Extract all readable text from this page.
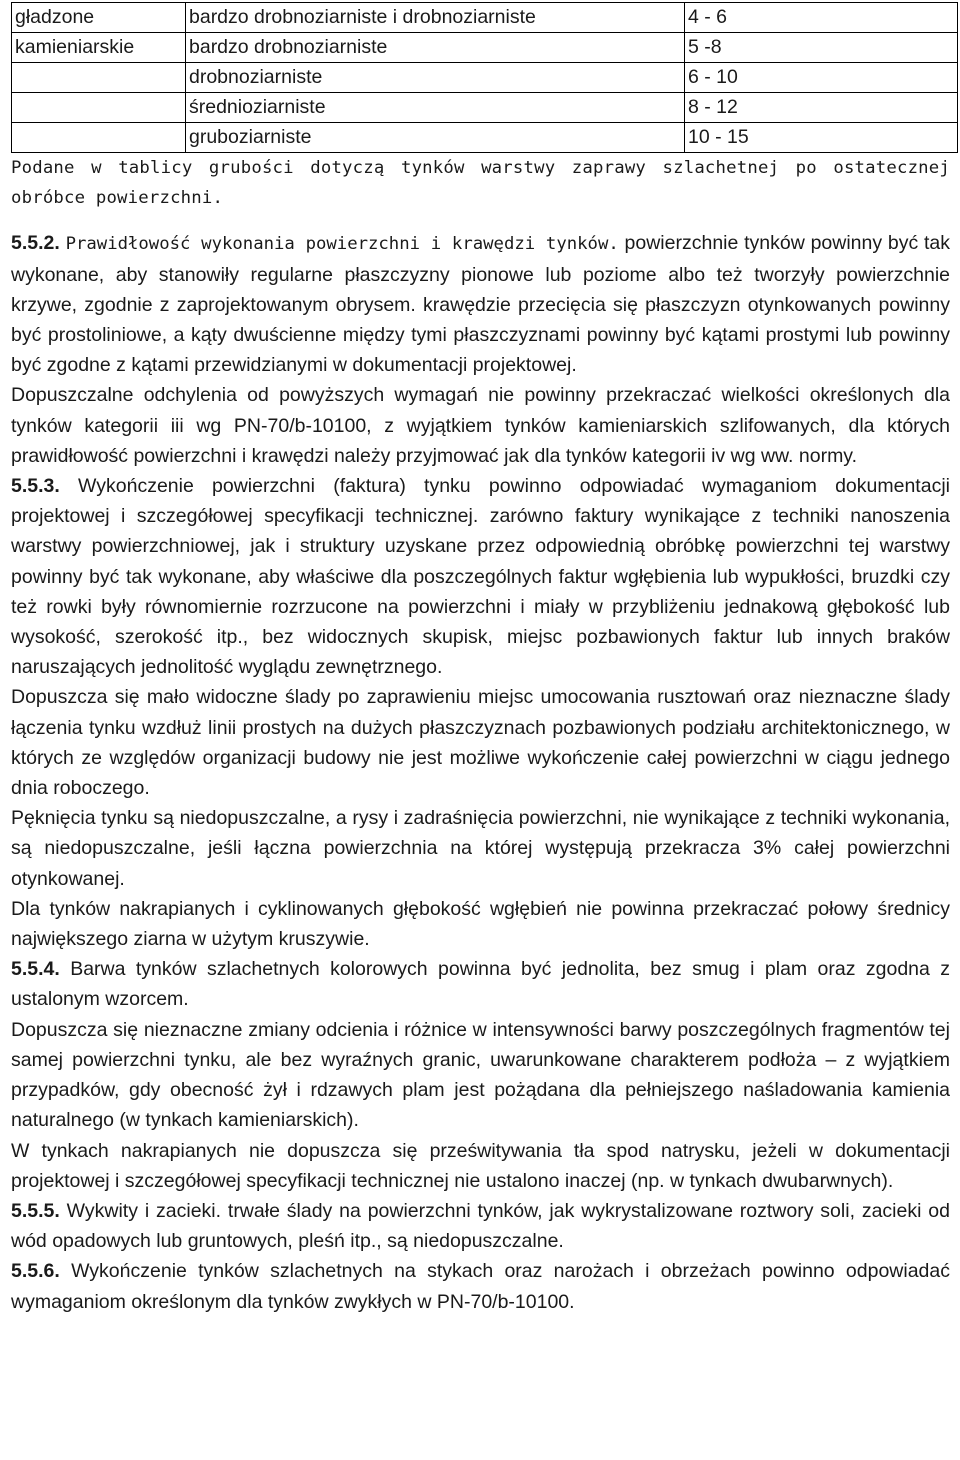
gładzone	bardzo drobnoziarniste i drobnoziarniste	4 - 6
kamieniarskie	bardzo drobnoziarniste	5 -8
	drobnoziarniste	6 - 10
	średnioziarniste	8 - 12
	gruboziarniste	10 - 15

Podane w tablicy grubości dotyczą tynków warstwy zaprawy szlachetnej po ostatecznej obróbce powierzchni.

5.5.2. Prawidłowość wykonania powierzchni i krawędzi tynków. powierzchnie tynków powinny być tak wykonane, aby stanowiły regularne płaszczyzny pionowe lub poziome albo też tworzyły powierzchnie krzywe, zgodnie z zaprojektowanym obrysem. krawędzie przecięcia się płaszczyzn otynkowanych powinny być prostoliniowe, a kąty dwuścienne między tymi płaszczyznami powinny być kątami prostymi lub powinny być zgodne z kątami przewidzianymi w dokumentacji projektowej.

Dopuszczalne odchylenia od powyższych wymagań nie powinny przekraczać wielkości określonych dla tynków kategorii iii wg PN-70/b-10100, z wyjątkiem tynków kamieniarskich szlifowanych, dla których prawidłowość powierzchni i krawędzi należy przyjmować jak dla tynków kategorii iv wg ww. normy.

5.5.3. Wykończenie powierzchni (faktura) tynku powinno odpowiadać wymaganiom dokumentacji projektowej i szczegółowej specyfikacji technicznej. zarówno faktury wynikające z techniki nanoszenia warstwy powierzchniowej, jak i struktury uzyskane przez odpowiednią obróbkę powierzchni tej warstwy powinny być tak wykonane, aby właściwe dla poszczególnych faktur wgłębienia lub wypukłości, bruzdki czy też rowki były równomiernie rozrzucone na powierzchni i miały w przybliżeniu jednakową głębokość lub wysokość, szerokość itp., bez widocznych skupisk, miejsc pozbawionych faktur lub innych braków naruszających jednolitość wyglądu zewnętrznego.

Dopuszcza się mało widoczne ślady po zaprawieniu miejsc umocowania rusztowań oraz nieznaczne ślady łączenia tynku wzdłuż linii prostych na dużych płaszczyznach pozbawionych podziału architektonicznego, w których ze względów organizacji budowy nie jest możliwe wykończenie całej powierzchni w ciągu jednego dnia roboczego.

Pęknięcia tynku są niedopuszczalne, a rysy i zadraśnięcia powierzchni, nie wynikające z techniki wykonania, są niedopuszczalne, jeśli łączna powierzchnia na której występują przekracza 3% całej powierzchni otynkowanej.

Dla tynków nakrapianych i cyklinowanych głębokość wgłębień nie powinna przekraczać połowy średnicy największego ziarna w użytym kruszywie.

5.5.4. Barwa tynków szlachetnych kolorowych powinna być jednolita, bez smug i plam oraz zgodna z ustalonym wzorcem.

Dopuszcza się nieznaczne zmiany odcienia i różnice w intensywności barwy poszczególnych fragmentów tej samej powierzchni tynku, ale bez wyraźnych granic, uwarunkowane charakterem podłoża – z wyjątkiem przypadków, gdy obecność żył i rdzawych plam jest pożądana dla pełniejszego naśladowania kamienia naturalnego (w tynkach kamieniarskich).

W tynkach nakrapianych nie dopuszcza się prześwitywania tła spod natrysku, jeżeli w dokumentacji projektowej i szczegółowej specyfikacji technicznej nie ustalono inaczej (np. w tynkach dwubarwnych).

5.5.5. Wykwity i zacieki. trwałe ślady na powierzchni tynków, jak wykrystalizowane roztwory soli, zacieki od wód opadowych lub gruntowych, pleśń itp., są niedopuszczalne.

5.5.6. Wykończenie tynków szlachetnych na stykach oraz narożach i obrzeżach powinno odpowiadać wymaganiom określonym dla tynków zwykłych w PN-70/b-10100.
